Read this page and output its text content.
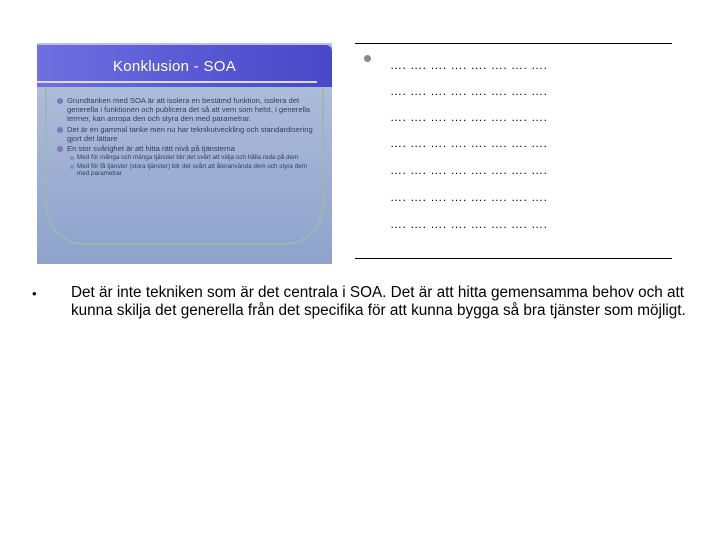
Konklusion - SOA
Grundtanken med SOA är att isolera en bestämd funktion, isolera det generella i funktionen och publicera det så att vem som helst, i generella termer, kan anropa den och styra den med parametrar.
Det är en gammal tanke men nu har teknikutveckling och standardisering gjort det lättare
En stor svårighet är att hitta rätt nivå på tjänsterna
Med för många och mänga tjänster blir det svårt att välja och hålla reda på dem
Med för få tjänster (stora tjänster) blir det svårt att återanvända dem och styra dem med parametrar
…. …. …. …. …. …. …. ….
…. …. …. …. …. …. …. ….
…. …. …. …. …. …. …. ….
…. …. …. …. …. …. …. ….
…. …. …. …. …. …. …. ….
…. …. …. …. …. …. …. ….
…. …. …. …. …. …. …. ….
• Det är inte tekniken som är det centrala i SOA. Det är att hitta gemensamma behov och att kunna skilja det generella från det specifika för att kunna bygga så bra tjänster som möjligt.
